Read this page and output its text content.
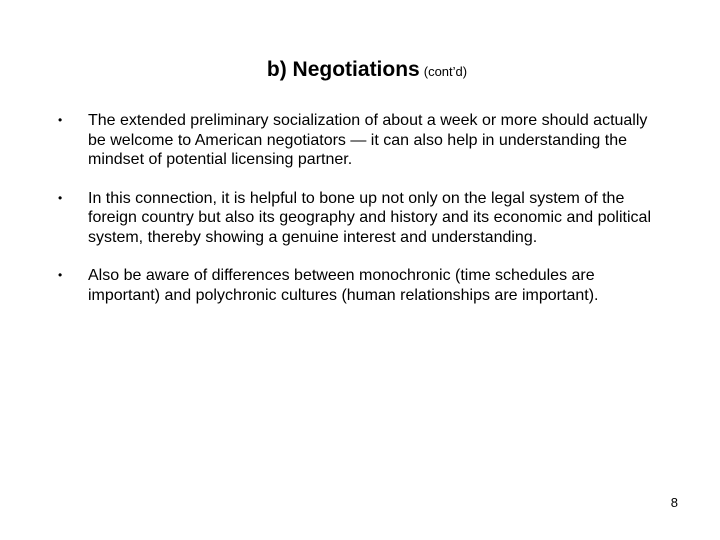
b) Negotiations (cont’d)
• The extended preliminary socialization of about a week or more should actually be welcome to American negotiators — it can also help in understanding the mindset of potential licensing partner.
• In this connection, it is helpful to bone up not only on the legal system of the foreign country but also its geography and history and its economic and political system, thereby showing a genuine interest and understanding.
• Also be aware of differences between monochronic (time schedules are important) and polychronic cultures (human relationships are important).
8
